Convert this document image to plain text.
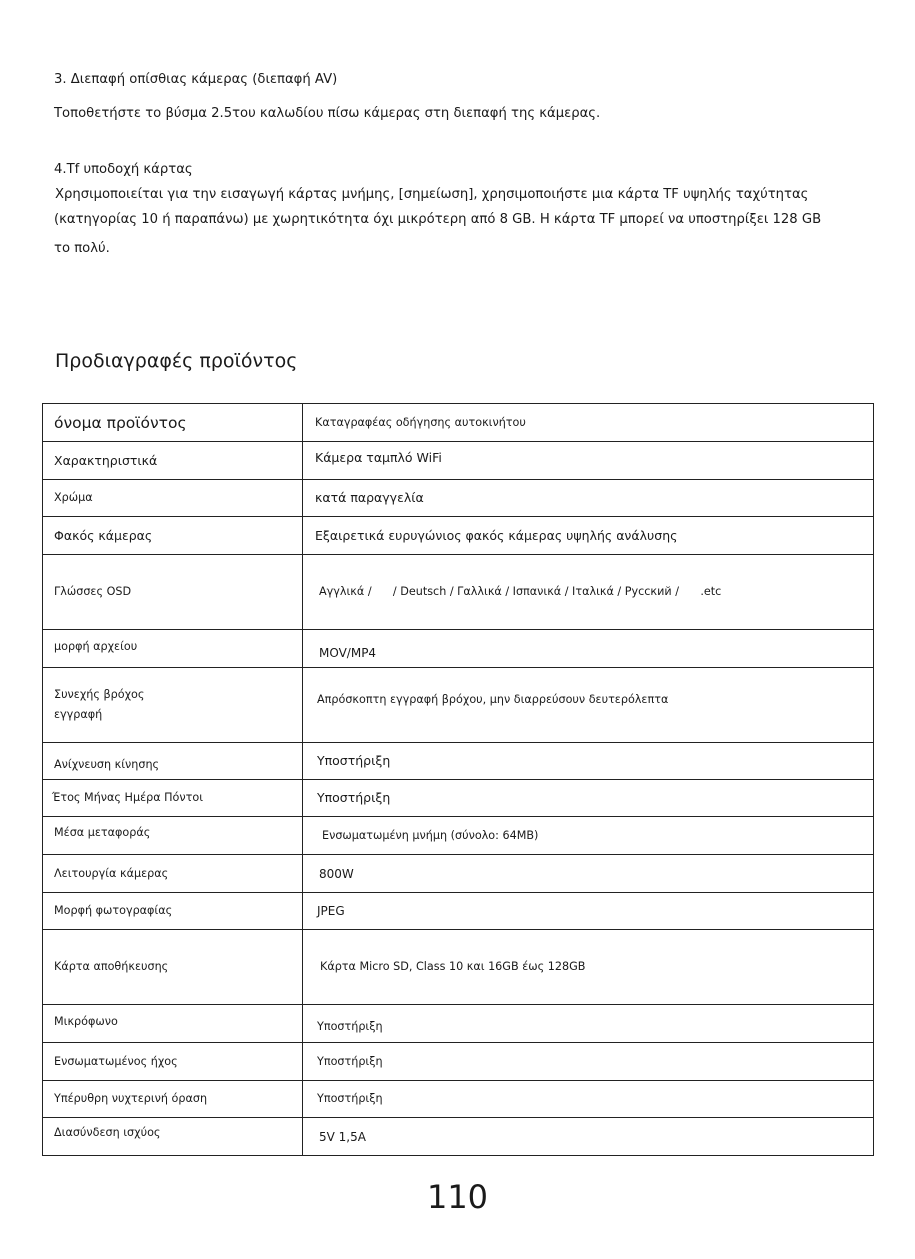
3. Διεπαφή οπίσθιας κάμερας (διεπαφή AV)

Τοποθετήστε το βύσμα 2.5του καλωδίου πίσω κάμερας στη διεπαφή της κάμερας.

4.Tf υποδοχή κάρτας

Χρησιμοποιείται για την εισαγωγή κάρτας μνήμης, [σημείωση], χρησιμοποιήστε μια κάρτα TF υψηλής ταχύτητας

(κατηγορίας 10 ή παραπάνω) με χωρητικότητα όχι μικρότερη από 8 GB. Η κάρτα TF μπορεί να υποστηρίξει 128 GB

το πολύ.

Προδιαγραφές προϊόντος
όνομα προϊόντος	Καταγραφέας οδήγησης αυτοκινήτου
Χαρακτηριστικά	Κάμερα ταμπλό WiFi
Χρώμα	κατά παραγγελία
Φακός κάμερας	Εξαιρετικά ευρυγώνιος φακός κάμερας υψηλής ανάλυσης
Γλώσσες OSD	Αγγλικά /      / Deutsch / Γαλλικά / Ισπανικά / Ιταλικά / Русский /      .etc
μορφή αρχείου	MOV/MP4
Συνεχής βρόχος
εγγραφή	Απρόσκοπτη εγγραφή βρόχου, μην διαρρεύσουν δευτερόλεπτα
Ανίχνευση κίνησης	Υποστήριξη
Έτος Μήνας Ημέρα Πόντοι	Υποστήριξη
Μέσα μεταφοράς	Ενσωματωμένη μνήμη (σύνολο: 64MB)
Λειτουργία κάμερας	800W
Μορφή φωτογραφίας	JPEG
Κάρτα αποθήκευσης	Κάρτα Micro SD, Class 10 και 16GB έως 128GB
Μικρόφωνο	Υποστήριξη
Ενσωματωμένος ήχος	Υποστήριξη
Υπέρυθρη νυχτερινή όραση	Υποστήριξη
Διασύνδεση ισχύος	5V 1,5A

110
